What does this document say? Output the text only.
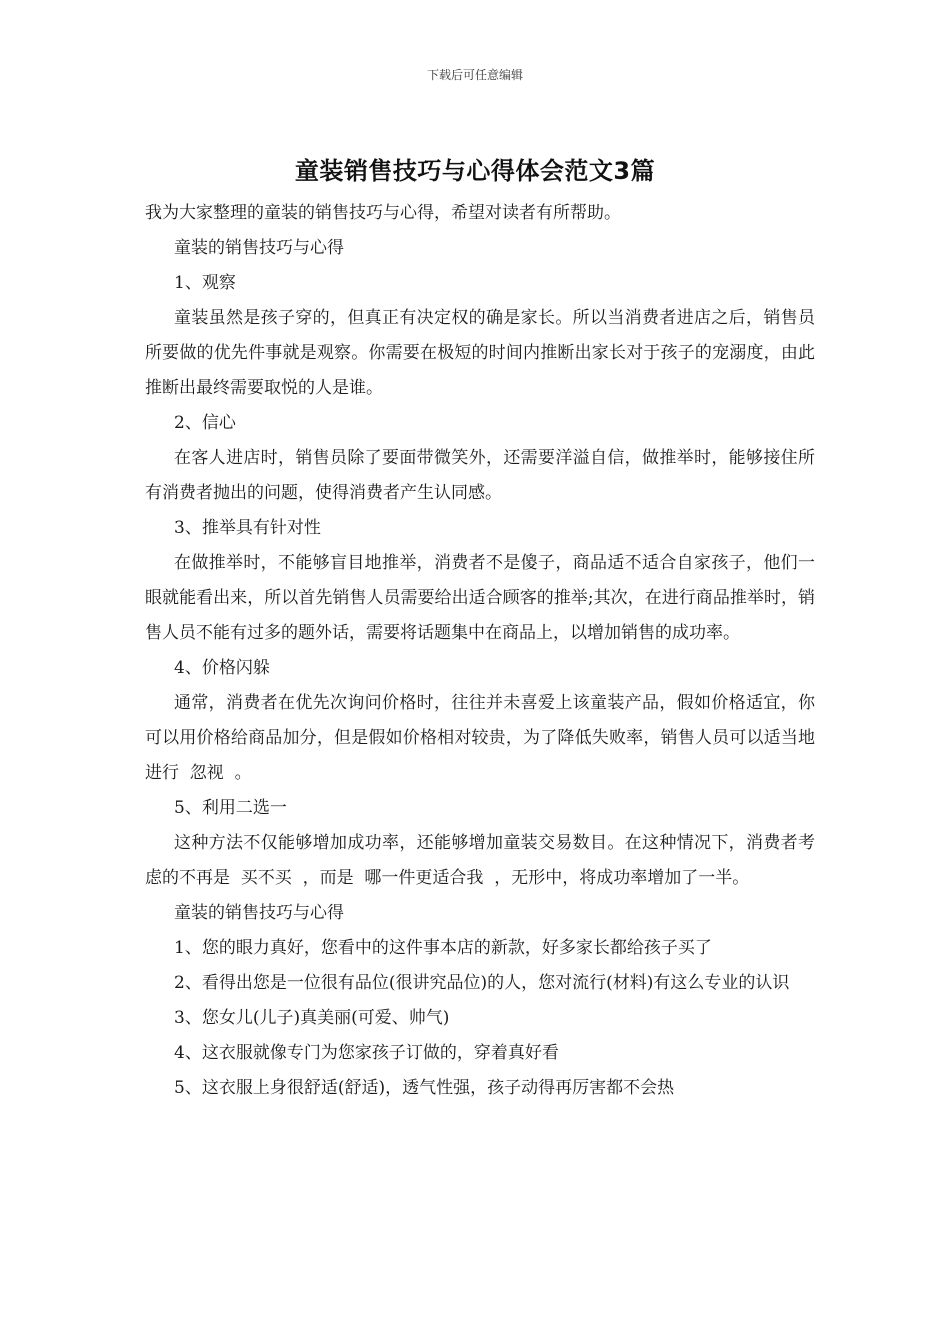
下载后可任意编辑
童装销售技巧与心得体会范文3篇

我为大家整理的童装的销售技巧与心得，希望对读者有所帮助。

童装的销售技巧与心得

1、观察

童装虽然是孩子穿的，但真正有决定权的确是家长。所以当消费者进店之后，销售员所要做的优先件事就是观察。你需要在极短的时间内推断出家长对于孩子的宠溺度，由此推断出最终需要取悦的人是谁。

2、信心

在客人进店时，销售员除了要面带微笑外，还需要洋溢自信，做推举时，能够接住所有消费者抛出的问题，使得消费者产生认同感。

3、推举具有针对性

在做推举时，不能够盲目地推举，消费者不是傻子，商品适不适合自家孩子，他们一眼就能看出来，所以首先销售人员需要给出适合顾客的推举;其次，在进行商品推举时，销售人员不能有过多的题外话，需要将话题集中在商品上，以增加销售的成功率。

4、价格闪躲

通常，消费者在优先次询问价格时，往往并未喜爱上该童装产品，假如价格适宜，你可以用价格给商品加分，但是假如价格相对较贵，为了降低失败率，销售人员可以适当地进行  忽视  。

5、利用二选一

这种方法不仅能够增加成功率，还能够增加童装交易数目。在这种情况下，消费者考虑的不再是  买不买  ，而是  哪一件更适合我  ，无形中，将成功率增加了一半。

童装的销售技巧与心得

1、您的眼力真好，您看中的这件事本店的新款，好多家长都给孩子买了

2、看得出您是一位很有品位(很讲究品位)的人，您对流行(材料)有这么专业的认识

3、您女儿(儿子)真美丽(可爱、帅气)

4、这衣服就像专门为您家孩子订做的，穿着真好看

5、这衣服上身很舒适(舒适)，透气性强，孩子动得再厉害都不会热
